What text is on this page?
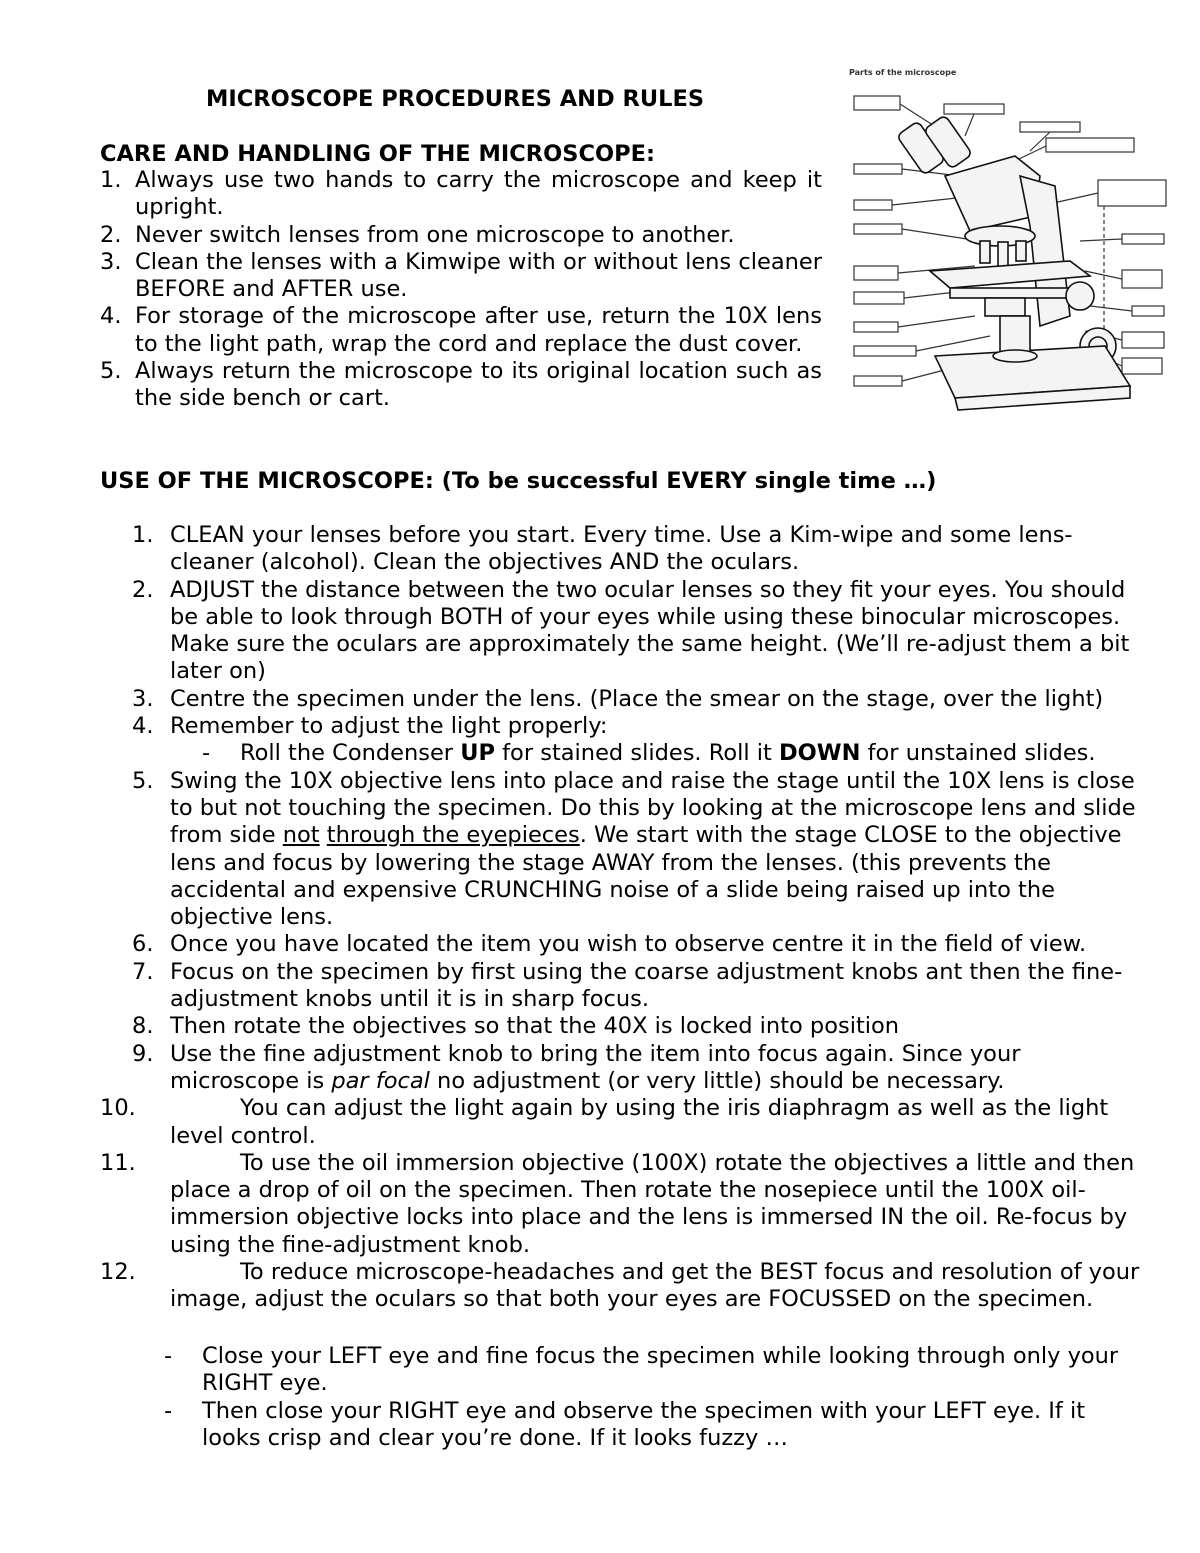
MICROSCOPE PROCEDURES AND RULES
Parts of the microscope
CARE AND HANDLING OF THE MICROSCOPE:
1. Always use two hands to carry the microscope and keep it upright.
2. Never switch lenses from one microscope to another.
3. Clean the lenses with a Kimwipe with or without lens cleaner BEFORE and AFTER use.
4. For storage of the microscope after use, return the 10X lens to the light path, wrap the cord and replace the dust cover.
5. Always return the microscope to its original location such as the side bench or cart.
USE OF THE MICROSCOPE: (To be successful EVERY single time …)
1. CLEAN your lenses before you start. Every time. Use a Kim-wipe and some lens-cleaner (alcohol). Clean the objectives AND the oculars.
2. ADJUST the distance between the two ocular lenses so they fit your eyes. You should be able to look through BOTH of your eyes while using these binocular microscopes. Make sure the oculars are approximately the same height. (We’ll re-adjust them a bit later on)
3. Centre the specimen under the lens. (Place the smear on the stage, over the light)
4. Remember to adjust the light properly:
-	Roll the Condenser UP for stained slides. Roll it DOWN for unstained slides.
5. Swing the 10X objective lens into place and raise the stage until the 10X lens is close to but not touching the specimen. Do this by looking at the microscope lens and slide from side not through the eyepieces. We start with the stage CLOSE to the objective lens and focus by lowering the stage AWAY from the lenses. (this prevents the accidental and expensive CRUNCHING noise of a slide being raised up into the objective lens.
6. Once you have located the item you wish to observe centre it in the field of view.
7. Focus on the specimen by first using the coarse adjustment knobs ant then the fine-adjustment knobs until it is in sharp focus.
8. Then rotate the objectives so that the 40X is locked into position
9. Use the fine adjustment knob to bring the item into focus again. Since your microscope is par focal no adjustment (or very little) should be necessary.
10.	You can adjust the light again by using the iris diaphragm as well as the light level control.
11.	To use the oil immersion objective (100X) rotate the objectives a little and then place a drop of oil on the specimen. Then rotate the nosepiece until the 100X oil-immersion objective locks into place and the lens is immersed IN the oil. Re-focus by using the fine-adjustment knob.
12.	To reduce microscope-headaches and get the BEST focus and resolution of your image, adjust the oculars so that both your eyes are FOCUSSED on the specimen.
-	Close your LEFT eye and fine focus the specimen while looking through only your RIGHT eye.
-	Then close your RIGHT eye and observe the specimen with your LEFT eye. If it looks crisp and clear you’re done. If it looks fuzzy …
